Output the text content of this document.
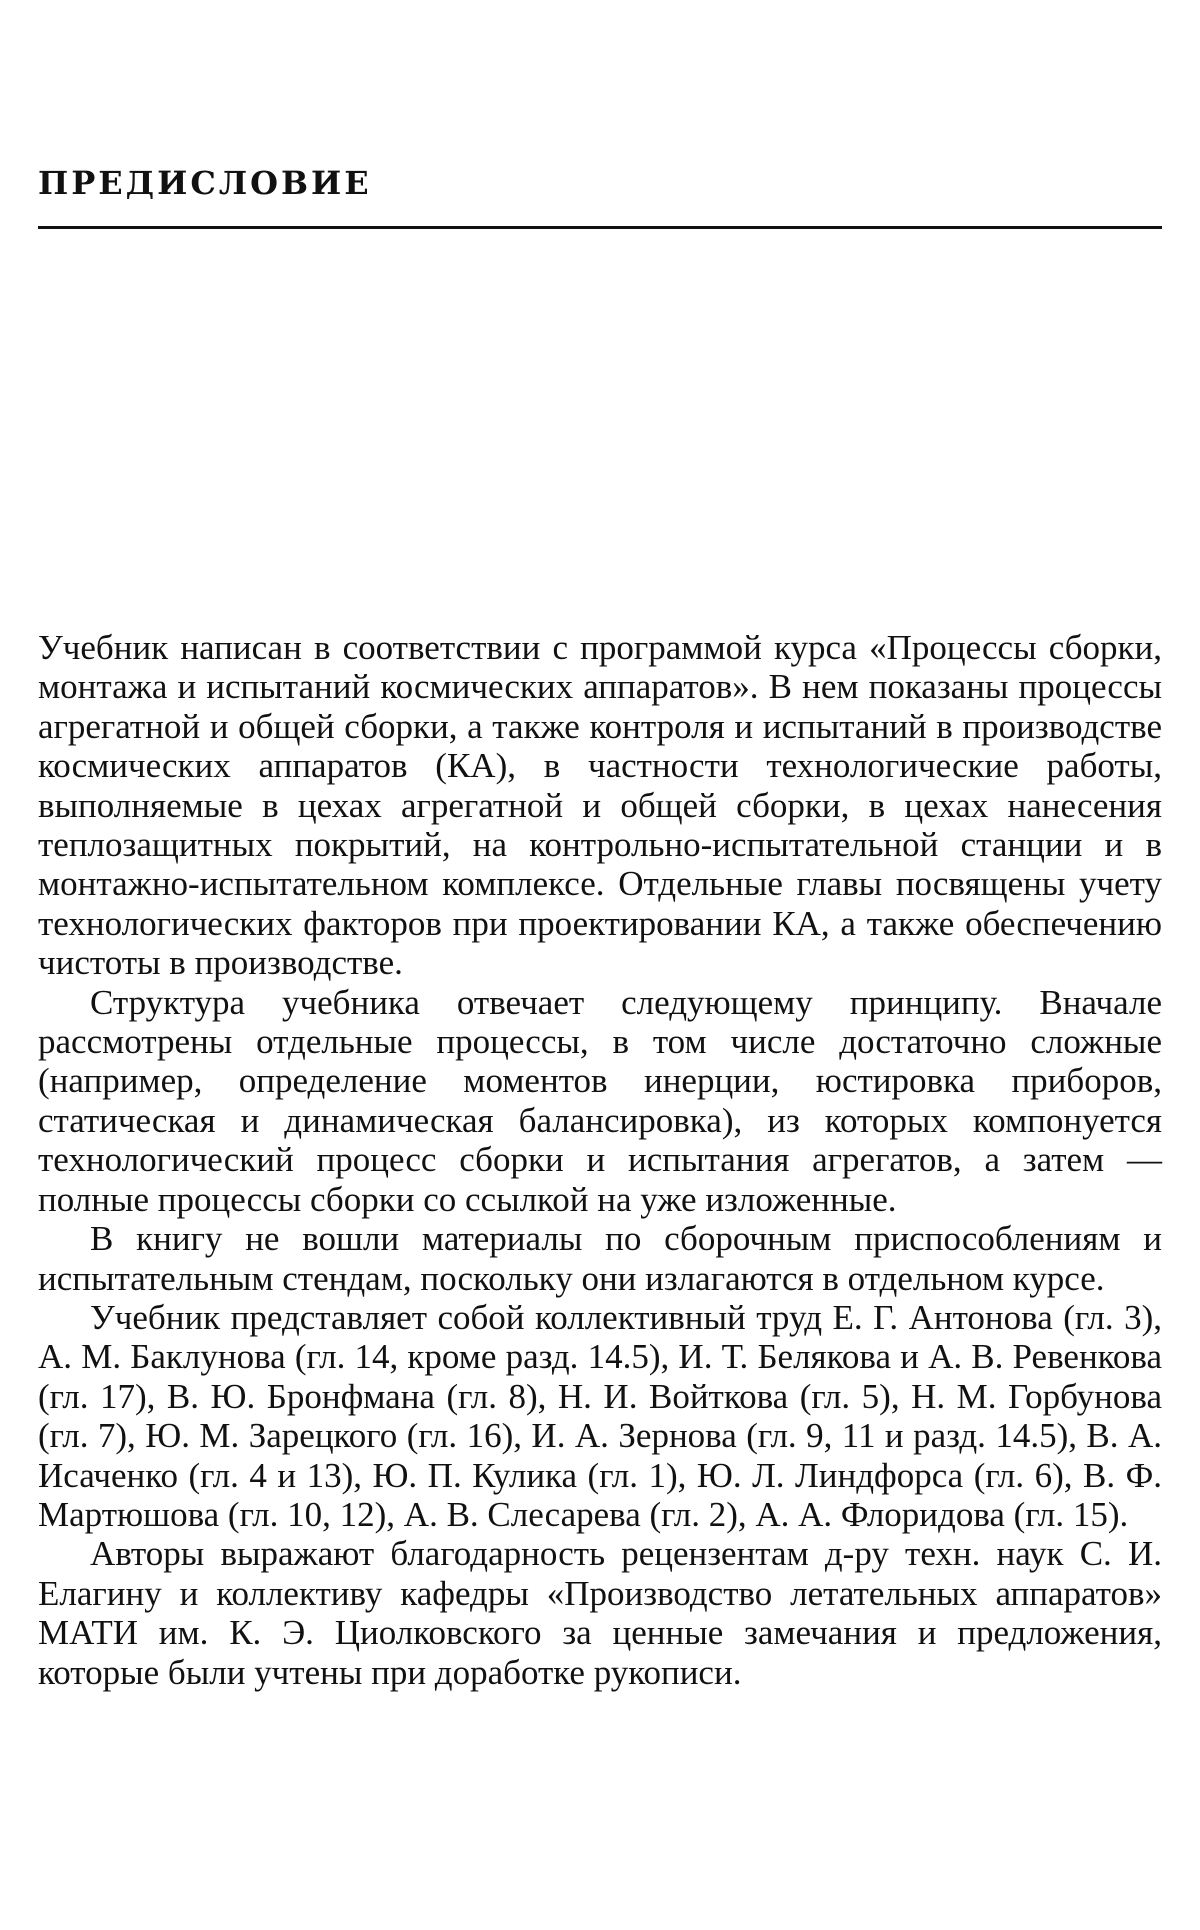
ПРЕДИСЛОВИЕ

Учебник написан в соответствии с программой курса «Процессы сборки, монтажа и испытаний космических аппаратов». В нем показаны процессы агрегатной и общей сборки, а также контроля и испытаний в производстве космических аппаратов (КА), в частности технологические работы, выполняемые в цехах агрегатной и общей сборки, в цехах нанесения теплозащитных покрытий, на контрольно-испытательной станции и в монтажно-испытательном комплексе. Отдельные главы посвящены учету технологических факторов при проектировании КА, а также обеспечению чистоты в производстве.

Структура учебника отвечает следующему принципу. Вначале рассмотрены отдельные процессы, в том числе достаточно сложные (например, определение моментов инерции, юстировка приборов, статическая и динамическая балансировка), из которых компонуется технологический процесс сборки и испытания агрегатов, а затем — полные процессы сборки со ссылкой на уже изложенные.

В книгу не вошли материалы по сборочным приспособлениям и испытательным стендам, поскольку они излагаются в отдельном курсе.

Учебник представляет собой коллективный труд Е. Г. Антонова (гл. 3), А. М. Баклунова (гл. 14, кроме разд. 14.5), И. Т. Белякова и А. В. Ревенкова (гл. 17), В. Ю. Бронфмана (гл. 8), Н. И. Войткова (гл. 5), Н. М. Горбунова (гл. 7), Ю. М. Зарецкого (гл. 16), И. А. Зернова (гл. 9, 11 и разд. 14.5), В. А. Исаченко (гл. 4 и 13), Ю. П. Кулика (гл. 1), Ю. Л. Линдфорса (гл. 6), В. Ф. Мартюшова (гл. 10, 12), А. В. Слесарева (гл. 2), А. А. Флоридова (гл. 15).

Авторы выражают благодарность рецензентам д-ру техн. наук С. И. Елагину и коллективу кафедры «Производство летательных аппаратов» МАТИ им. К. Э. Циолковского за ценные замечания и предложения, которые были учтены при доработке рукописи.
